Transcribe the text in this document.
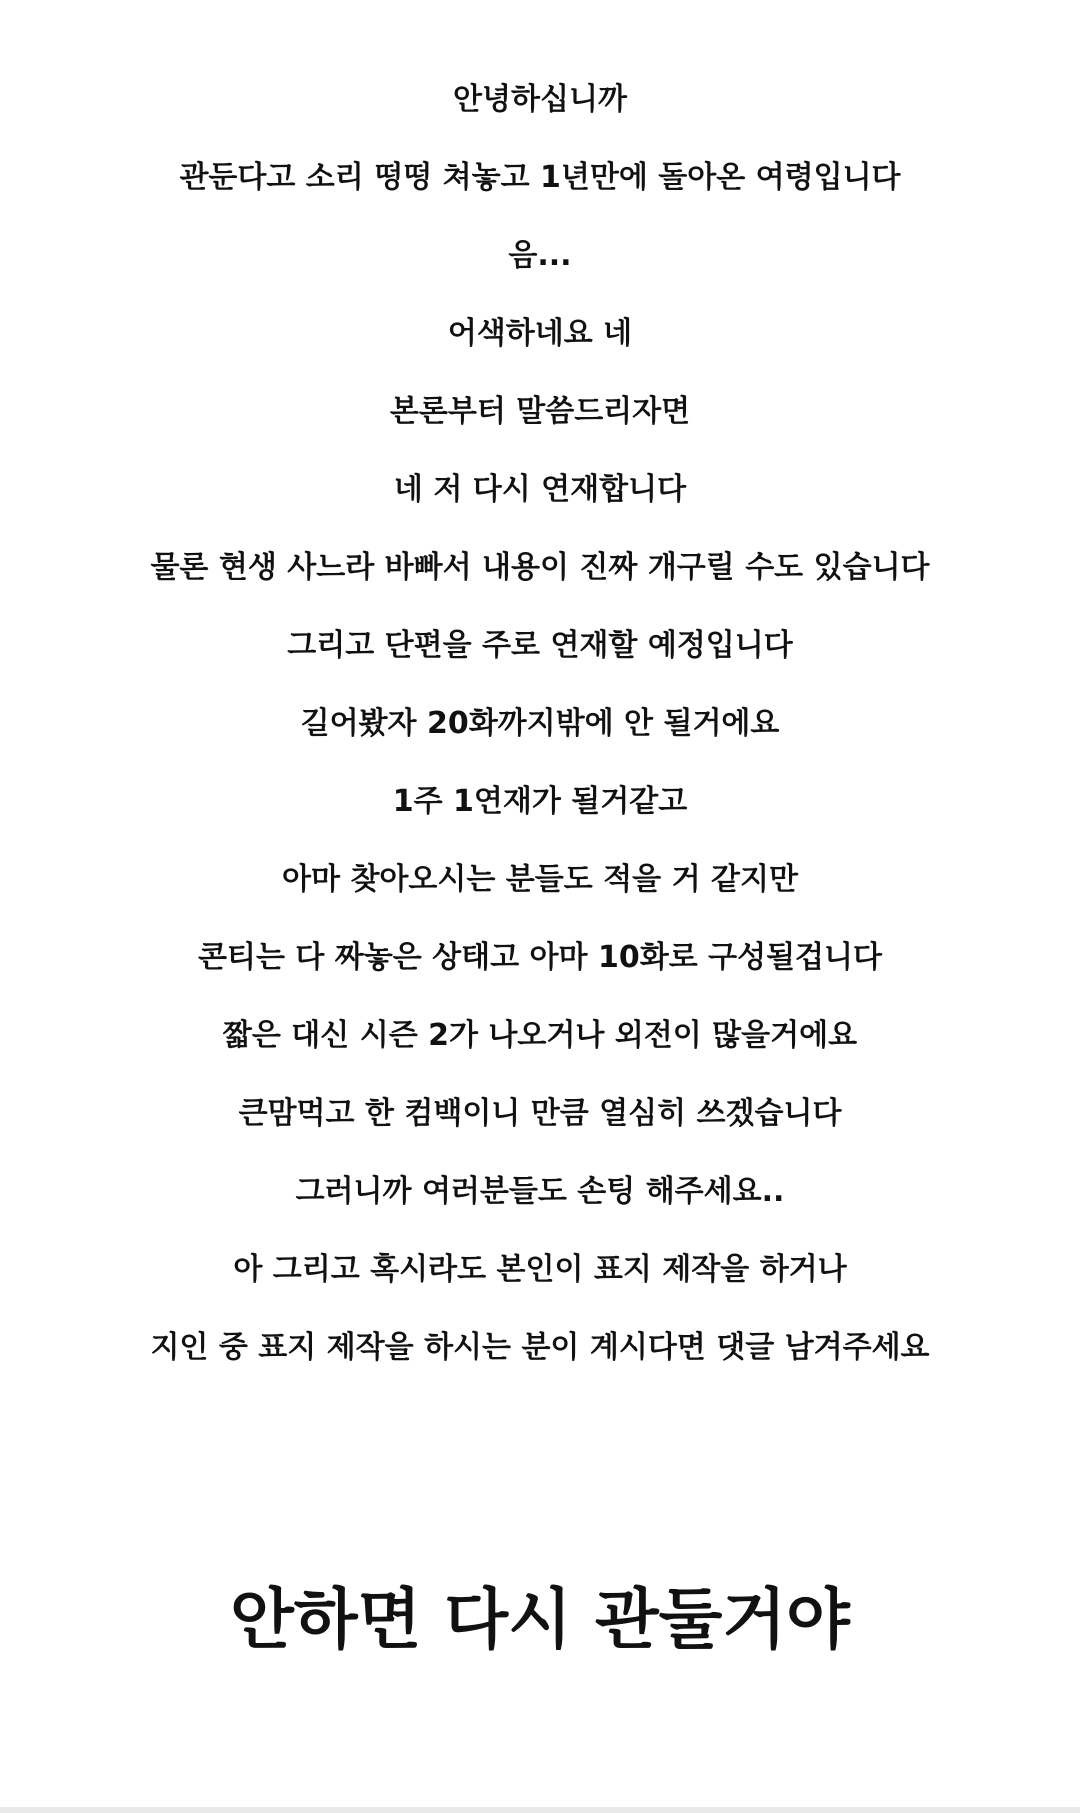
안녕하십니까
관둔다고 소리 떵떵 쳐놓고 1년만에 돌아온 여령입니다
음...
어색하네요 네
본론부터 말씀드리자면
네 저 다시 연재합니다
물론 현생 사느라 바빠서 내용이 진짜 개구릴 수도 있습니다
그리고 단편을 주로 연재할 예정입니다
길어봤자 20화까지밖에 안 될거에요
1주 1연재가 될거같고
아마 찾아오시는 분들도 적을 거 같지만
콘티는 다 짜놓은 상태고 아마 10화로 구성될겁니다
짧은 대신 시즌 2가 나오거나 외전이 많을거에요
큰맘먹고 한 컴백이니 만큼 열심히 쓰겠습니다
그러니까 여러분들도 손팅 해주세요..
아 그리고 혹시라도 본인이 표지 제작을 하거나
지인 중 표지 제작을 하시는 분이 계시다면 댓글 남겨주세요
안하면 다시 관둘거야
